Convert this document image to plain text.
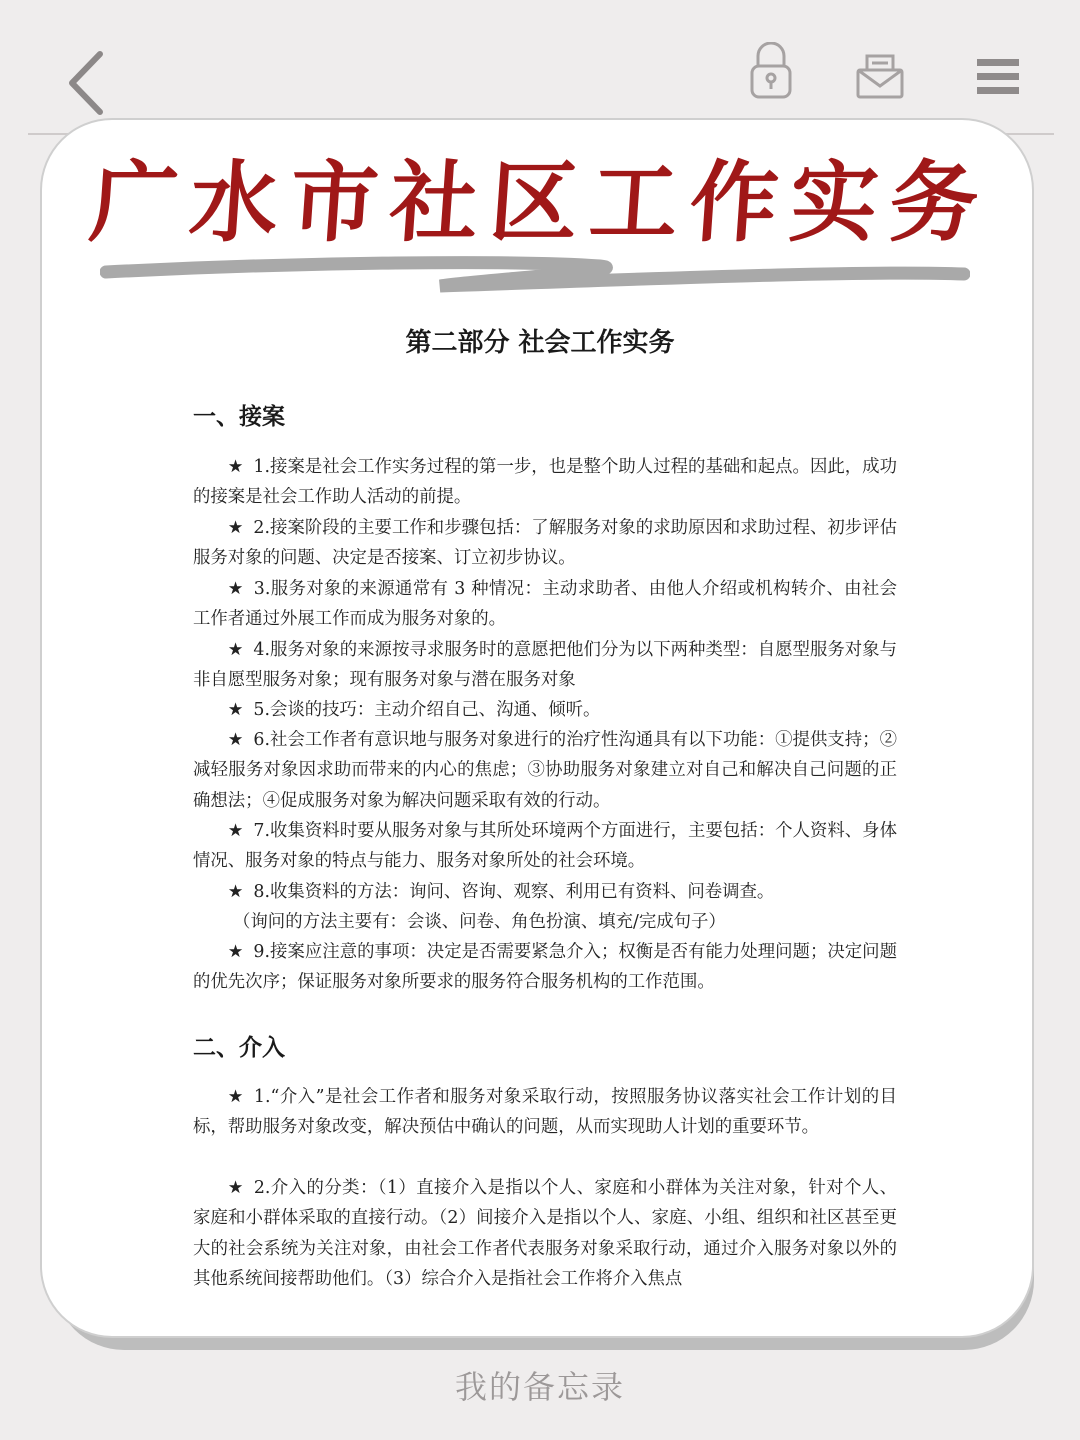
广水市社区工作实务
第二部分 社会工作实务
一、接案

★ 1.接案是社会工作实务过程的第一步，也是整个助人过程的基础和起点。因此，成功的接案是社会工作助人活动的前提。

★ 2.接案阶段的主要工作和步骤包括：了解服务对象的求助原因和求助过程、初步评估服务对象的问题、决定是否接案、订立初步协议。

★ 3.服务对象的来源通常有 3 种情况：主动求助者、由他人介绍或机构转介、由社会工作者通过外展工作而成为服务对象的。

★ 4.服务对象的来源按寻求服务时的意愿把他们分为以下两种类型：自愿型服务对象与非自愿型服务对象；现有服务对象与潜在服务对象

★ 5.会谈的技巧：主动介绍自己、沟通、倾听。

★ 6.社会工作者有意识地与服务对象进行的治疗性沟通具有以下功能：①提供支持；②减轻服务对象因求助而带来的内心的焦虑；③协助服务对象建立对自己和解决自己问题的正确想法；④促成服务对象为解决问题采取有效的行动。

★ 7.收集资料时要从服务对象与其所处环境两个方面进行，主要包括：个人资料、身体情况、服务对象的特点与能力、服务对象所处的社会环境。

★ 8.收集资料的方法：询问、咨询、观察、利用已有资料、问卷调查。

（询问的方法主要有：会谈、问卷、角色扮演、填充/完成句子）

★ 9.接案应注意的事项：决定是否需要紧急介入；权衡是否有能力处理问题；决定问题的优先次序；保证服务对象所要求的服务符合服务机构的工作范围。

二、介入

★ 1.“介入”是社会工作者和服务对象采取行动，按照服务协议落实社会工作计划的目标，帮助服务对象改变，解决预估中确认的问题，从而实现助人计划的重要环节。

★ 2.介入的分类：（1）直接介入是指以个人、家庭和小群体为关注对象，针对个人、家庭和小群体采取的直接行动。（2）间接介入是指以个人、家庭、小组、组织和社区甚至更大的社会系统为关注对象，由社会工作者代表服务对象采取行动，通过介入服务对象以外的其他系统间接帮助他们。（3）综合介入是指社会工作将介入焦点

我的备忘录
